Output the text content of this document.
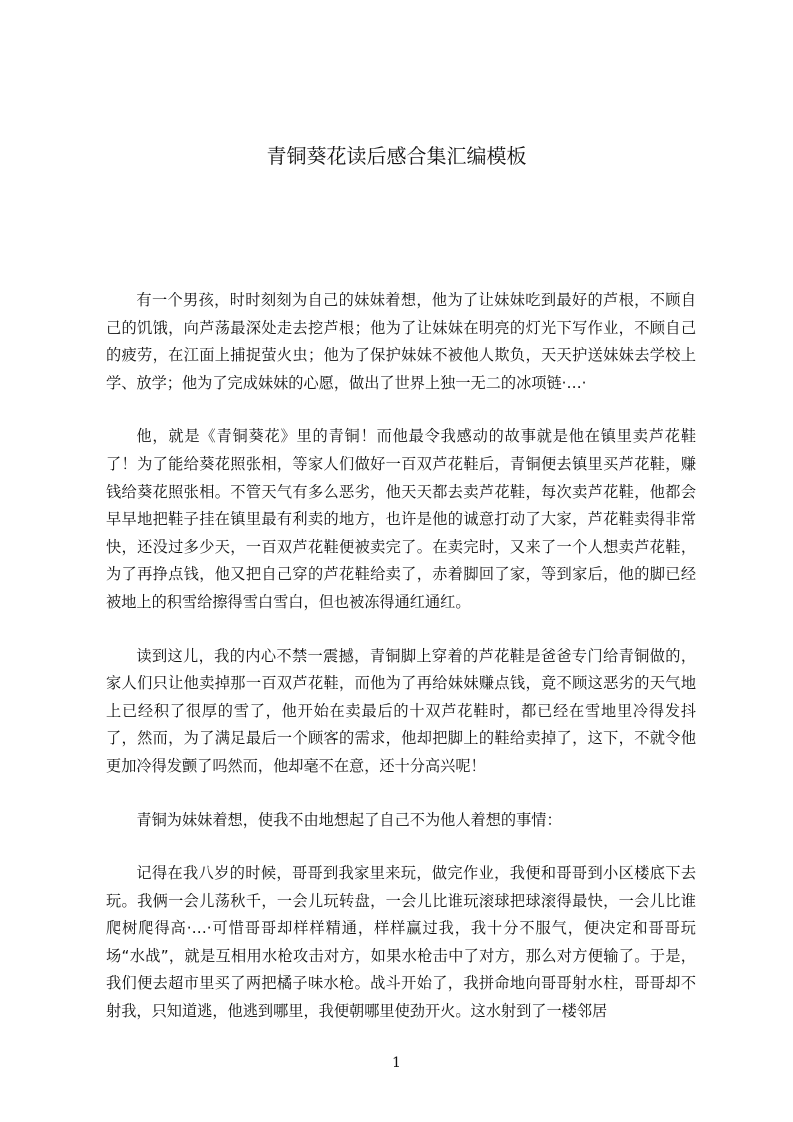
青铜葵花读后感合集汇编模板

有一个男孩，时时刻刻为自己的妹妹着想，他为了让妹妹吃到最好的芦根，不顾自己的饥饿，向芦荡最深处走去挖芦根；他为了让妹妹在明亮的灯光下写作业，不顾自己的疲劳，在江面上捕捉萤火虫；他为了保护妹妹不被他人欺负，天天护送妹妹去学校上学、放学；他为了完成妹妹的心愿，做出了世界上独一无二的冰项链·…·

他，就是《青铜葵花》里的青铜！而他最令我感动的故事就是他在镇里卖芦花鞋了！为了能给葵花照张相，等家人们做好一百双芦花鞋后，青铜便去镇里买芦花鞋，赚钱给葵花照张相。不管天气有多么恶劣，他天天都去卖芦花鞋，每次卖芦花鞋，他都会早早地把鞋子挂在镇里最有利卖的地方，也许是他的诚意打动了大家，芦花鞋卖得非常快，还没过多少天，一百双芦花鞋便被卖完了。在卖完时，又来了一个人想卖芦花鞋，为了再挣点钱，他又把自己穿的芦花鞋给卖了，赤着脚回了家，等到家后，他的脚已经被地上的积雪给擦得雪白雪白，但也被冻得通红通红。

读到这儿，我的内心不禁一震撼，青铜脚上穿着的芦花鞋是爸爸专门给青铜做的，家人们只让他卖掉那一百双芦花鞋，而他为了再给妹妹赚点钱，竟不顾这恶劣的天气地上已经积了很厚的雪了，他开始在卖最后的十双芦花鞋时，都已经在雪地里冷得发抖了，然而，为了满足最后一个顾客的需求，他却把脚上的鞋给卖掉了，这下，不就令他更加冷得发颤了吗然而，他却毫不在意，还十分高兴呢！

青铜为妹妹着想，使我不由地想起了自己不为他人着想的事情：

记得在我八岁的时候，哥哥到我家里来玩，做完作业，我便和哥哥到小区楼底下去玩。我俩一会儿荡秋千，一会儿玩转盘，一会儿比谁玩滚球把球滚得最快，一会儿比谁爬树爬得高·…·可惜哥哥却样样精通，样样赢过我，我十分不服气，便决定和哥哥玩场“水战”，就是互相用水枪攻击对方，如果水枪击中了对方，那么对方便输了。于是，我们便去超市里买了两把橘子味水枪。战斗开始了，我拼命地向哥哥射水柱，哥哥却不射我，只知道逃，他逃到哪里，我便朝哪里使劲开火。这水射到了一楼邻居

1
